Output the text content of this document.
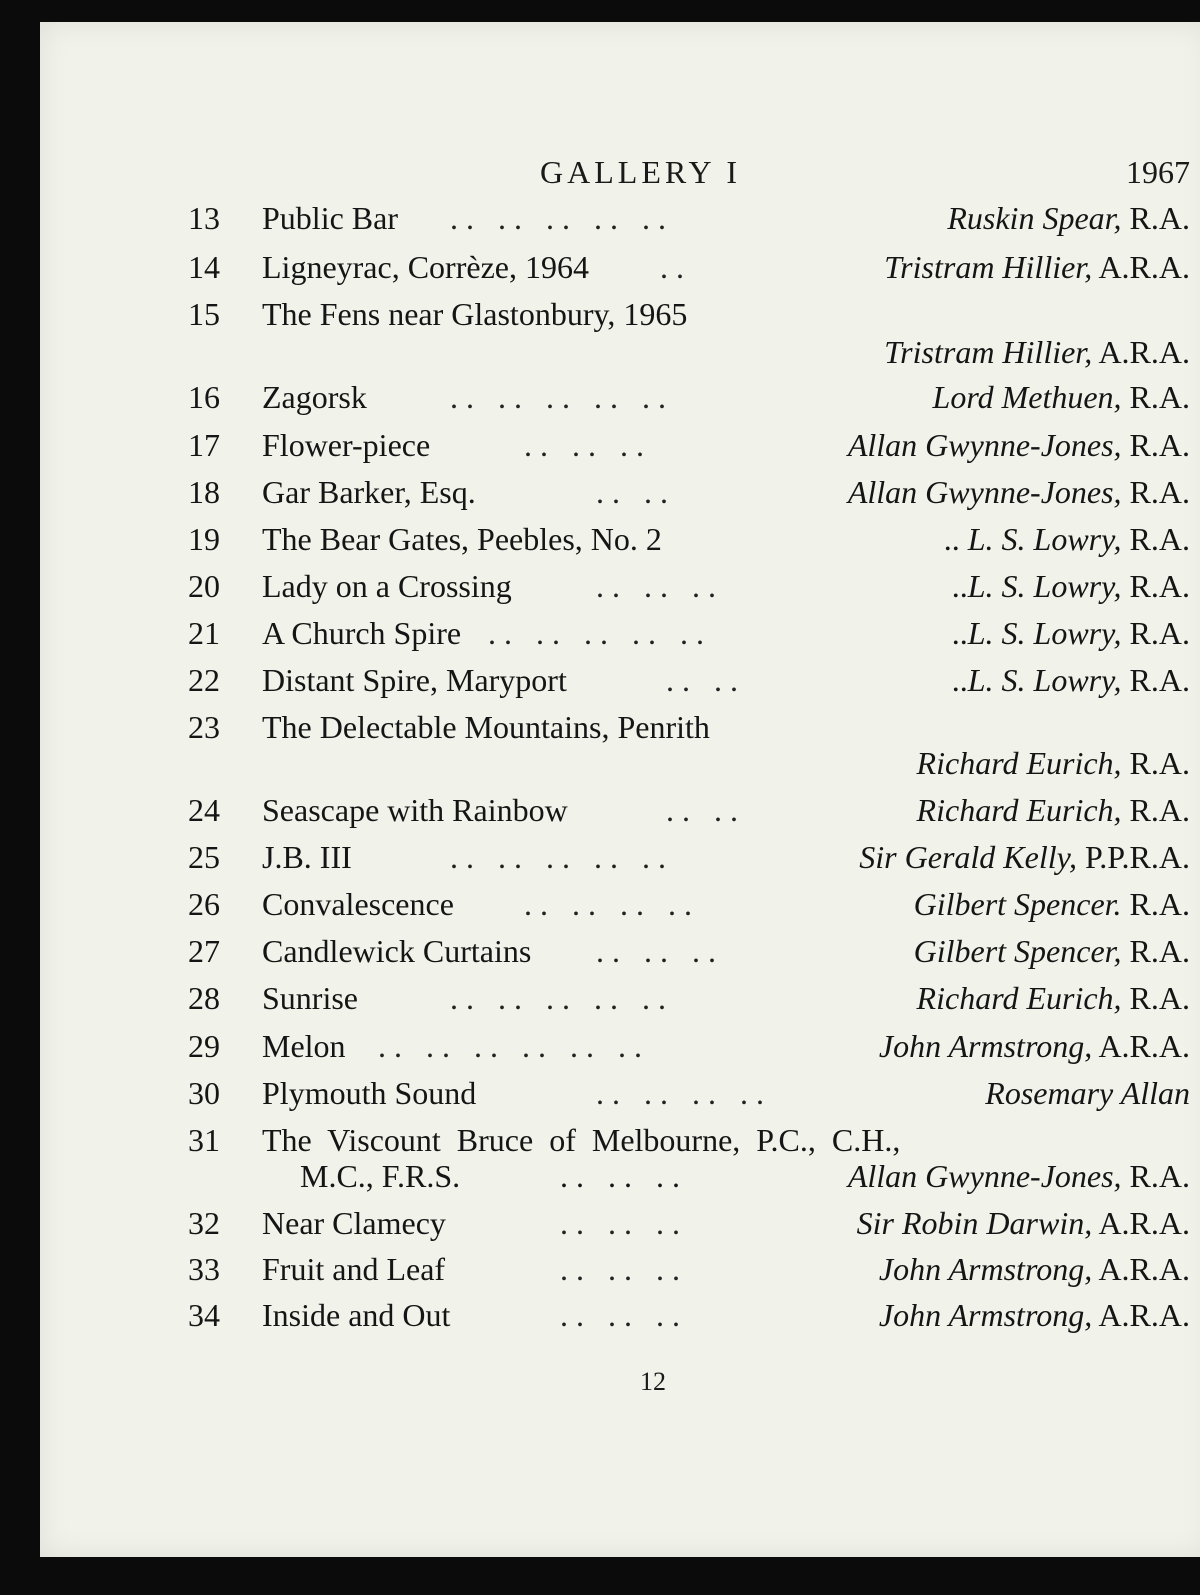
GALLERY I	1967
13	Public Bar .. .. .. .. ..	Ruskin Spear, R.A.
14	Ligneyrac, Corrèze, 1964 ..	Tristram Hillier, A.R.A.
15	The Fens near Glastonbury, 1965
Tristram Hillier, A.R.A.
16	Zagorsk	.. .. .. .. ..	Lord Methuen, R.A.
17	Flower-piece	.. .. ..	Allan Gwynne-Jones, R.A.
18	Gar Barker, Esq.	.. ..	Allan Gwynne-Jones, R.A.
19	The Bear Gates, Peebles, No. 2	.. L. S. Lowry, R.A.
20	Lady on a Crossing	.. .. ..	..L. S. Lowry, R.A.
21	A Church Spire .. .. .. .. ..	..L. S. Lowry, R.A.
22	Distant Spire, Maryport	.. ..	..L. S. Lowry, R.A.
23	The Delectable Mountains, Penrith
Richard Eurich, R.A.
24	Seascape with Rainbow	.. ..	Richard Eurich, R.A.
25	J.B. III	.. .. .. .. ..	Sir Gerald Kelly, P.P.R.A.
26	Convalescence .. .. .. ..	Gilbert Spencer. R.A.
27	Candlewick Curtains .. .. ..	Gilbert Spencer, R.A.
28	Sunrise	.. .. .. .. ..	Richard Eurich, R.A.
29	Melon .. .. .. .. .. ..	John Armstrong, A.R.A.
30	Plymouth Sound	.. .. .. ..	Rosemary Allan
31	The Viscount Bruce of Melbourne, P.C., C.H.,
M.C., F.R.S.	.. .. ..	Allan Gwynne-Jones, R.A.
32	Near Clamecy	.. .. ..	Sir Robin Darwin, A.R.A.
33	Fruit and Leaf	.. .. ..	John Armstrong, A.R.A.
34	Inside and Out	.. .. ..	John Armstrong, A.R.A.
12
